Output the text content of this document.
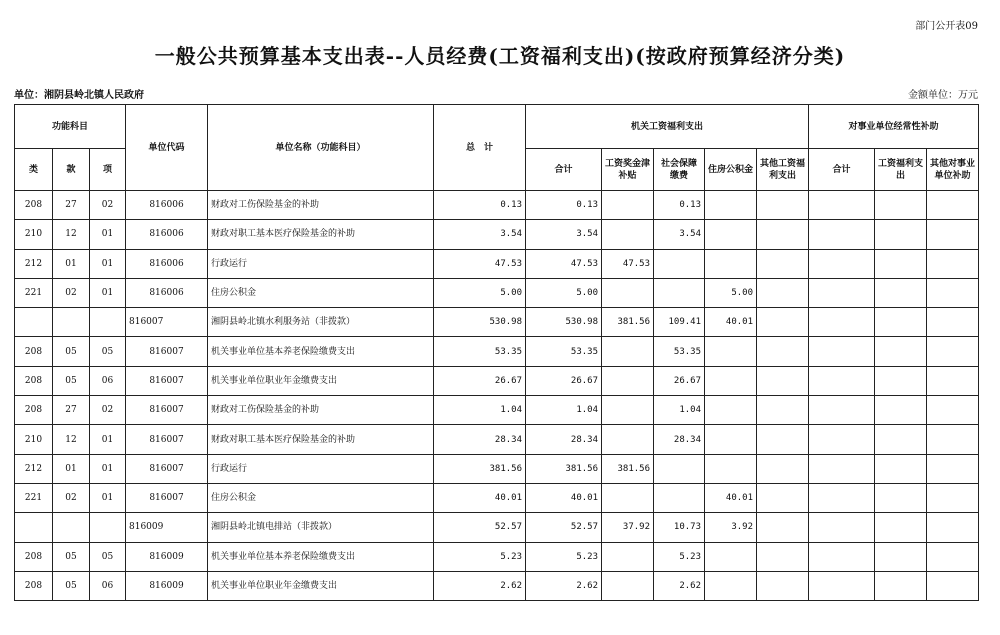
部门公开表09
一般公共预算基本支出表--人员经费(工资福利支出)(按政府预算经济分类)
单位：湘阴县岭北镇人民政府	金额单位：万元
功能科目			单位代码	单位名称（功能科目）	总　计	机关工资福利支出					对事业单位经常性补助		
类	款	项				合计	工资奖金津补贴	社会保障缴费	住房公积金	其他工资福利支出	合计	工资福利支出	其他对事业单位补助
208	27	02	816006	财政对工伤保险基金的补助	0.13	0.13		0.13					
210	12	01	816006	财政对职工基本医疗保险基金的补助	3.54	3.54		3.54					
212	01	01	816006	行政运行	47.53	47.53	47.53						
221	02	01	816006	住房公积金	5.00	5.00			5.00				
			816007	湘阴县岭北镇水利服务站（非拨款）	530.98	530.98	381.56	109.41	40.01				
208	05	05	816007	机关事业单位基本养老保险缴费支出	53.35	53.35		53.35					
208	05	06	816007	机关事业单位职业年金缴费支出	26.67	26.67		26.67					
208	27	02	816007	财政对工伤保险基金的补助	1.04	1.04		1.04					
210	12	01	816007	财政对职工基本医疗保险基金的补助	28.34	28.34		28.34					
212	01	01	816007	行政运行	381.56	381.56	381.56						
221	02	01	816007	住房公积金	40.01	40.01			40.01				
			816009	湘阴县岭北镇电排站（非拨款）	52.57	52.57	37.92	10.73	3.92				
208	05	05	816009	机关事业单位基本养老保险缴费支出	5.23	5.23		5.23					
208	05	06	816009	机关事业单位职业年金缴费支出	2.62	2.62		2.62					
